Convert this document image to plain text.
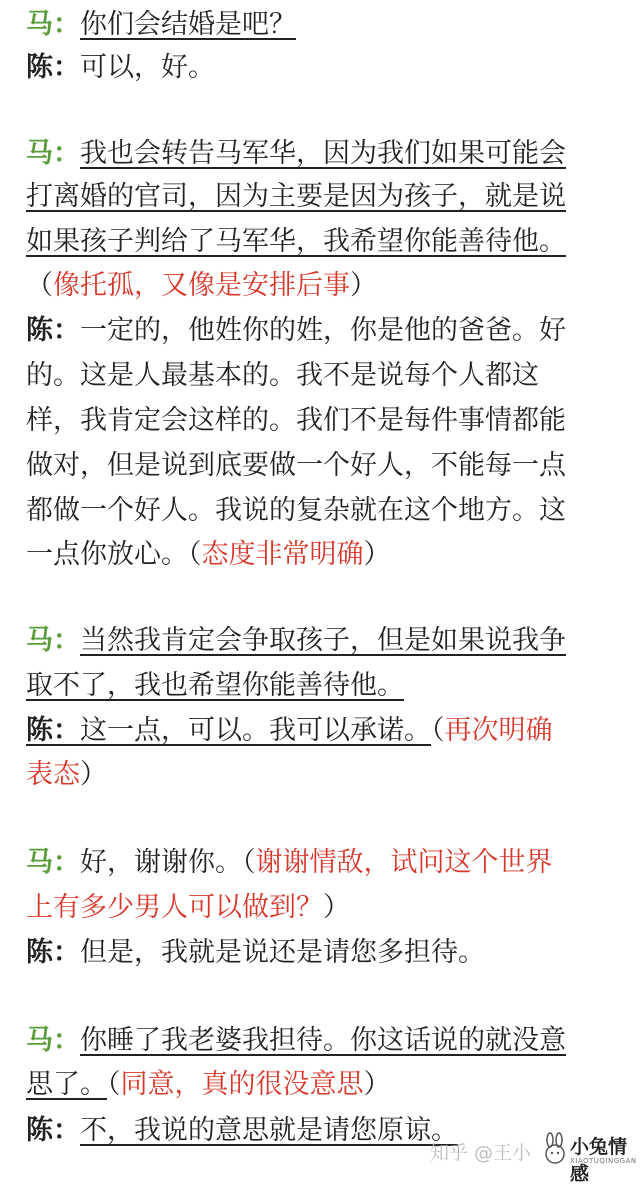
马：你们会结婚是吧？
陈：可以，好。
马：我也会转告马军华，因为我们如果可能会
打离婚的官司，因为主要是因为孩子，就是说
如果孩子判给了马军华，我希望你能善待他。
（像托孤，又像是安排后事）
陈：一定的，他姓你的姓，你是他的爸爸。好
的。这是人最基本的。我不是说每个人都这
样，我肯定会这样的。我们不是每件事情都能
做对，但是说到底要做一个好人，不能每一点
都做一个好人。我说的复杂就在这个地方。这
一点你放心。（态度非常明确）
马：当然我肯定会争取孩子，但是如果说我争
取不了，我也希望你能善待他。
陈：这一点，可以。我可以承诺。（再次明确
表态）
马：好，谢谢你。（谢谢情敌，试问这个世界
上有多少男人可以做到？）
陈：但是，我就是说还是请您多担待。
马：你睡了我老婆我担待。你这话说的就没意
思了。（同意，真的很没意思）
陈：不，我说的意思就是请您原谅。
知乎 @王小 小兔情感
XIAOTUQINGGAN
